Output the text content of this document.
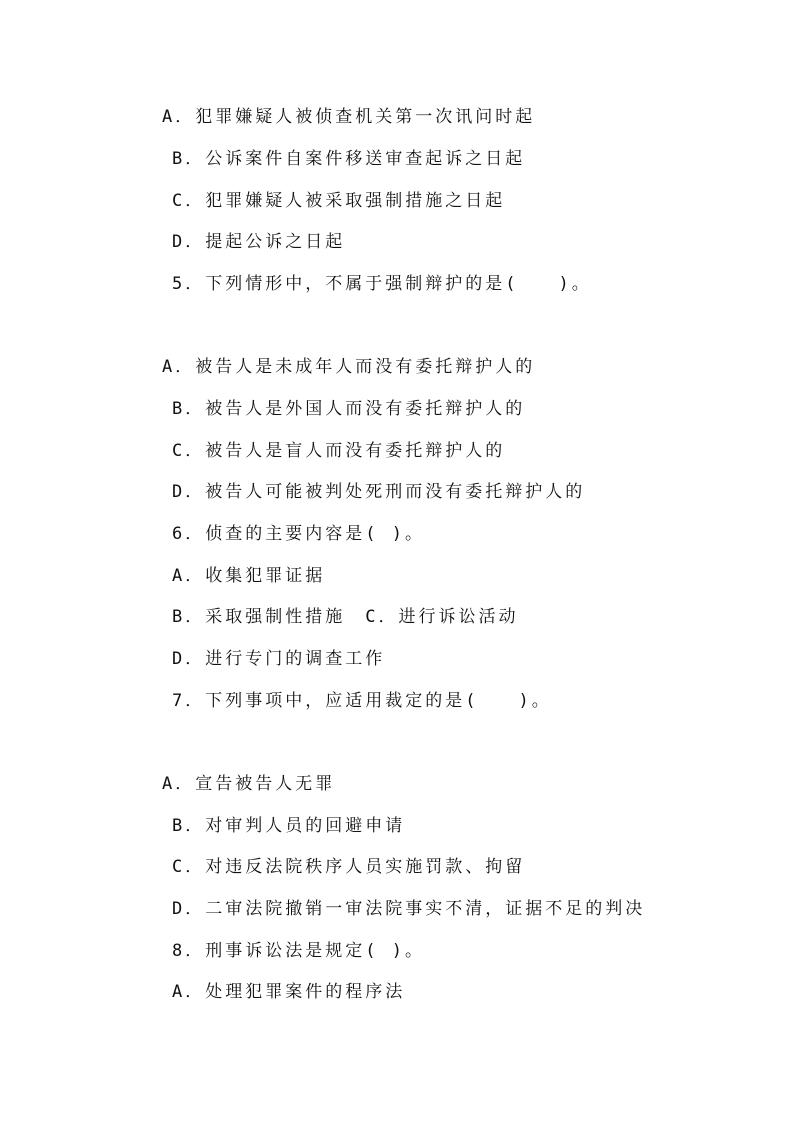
A．犯罪嫌疑人被侦查机关第一次讯问时起
B．公诉案件自案件移送审查起诉之日起
C．犯罪嫌疑人被采取强制措施之日起
D．提起公诉之日起
5．下列情形中，不属于强制辩护的是(　　)。
A．被告人是未成年人而没有委托辩护人的
B．被告人是外国人而没有委托辩护人的
C．被告人是盲人而没有委托辩护人的
D．被告人可能被判处死刑而没有委托辩护人的
6．侦查的主要内容是( )。
A．收集犯罪证据
B．采取强制性措施　C．进行诉讼活动
D．进行专门的调查工作
7．下列事项中，应适用裁定的是(　　)。
A．宣告被告人无罪
B．对审判人员的回避申请
C．对违反法院秩序人员实施罚款、拘留
D．二审法院撤销一审法院事实不清，证据不足的判决
8．刑事诉讼法是规定( )。
A．处理犯罪案件的程序法
